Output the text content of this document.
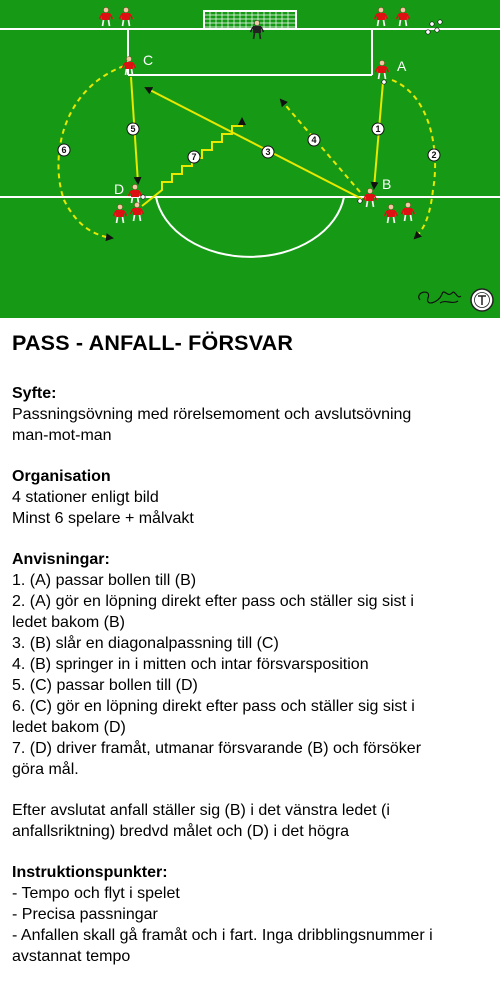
1
2
3
4
5
6
7
C	A
B
D
PASS - ANFALL- FÖRSVAR
Syfte:
Passningsövning med rörelsemoment och avslutsövning
man-mot-man
Organisation
4 stationer enligt bild
Minst 6 spelare + målvakt
Anvisningar:
1. (A) passar bollen till (B)
2. (A) gör en löpning direkt efter pass och ställer sig sist i
ledet bakom (B)
3. (B) slår en diagonalpassning till (C)
4. (B) springer in i mitten och intar försvarsposition
5. (C) passar bollen till (D)
6. (C) gör en löpning direkt efter pass och ställer sig sist i
ledet bakom (D)
7. (D) driver framåt, utmanar försvarande (B) och försöker
göra mål.
Efter avslutat anfall ställer sig (B) i det vänstra ledet (i
anfallsriktning) bredvd målet och (D) i det högra
Instruktionspunkter:
- Tempo och flyt i spelet
- Precisa passningar
- Anfallen skall gå framåt och i fart. Inga dribblingsnummer i
avstannat tempo
